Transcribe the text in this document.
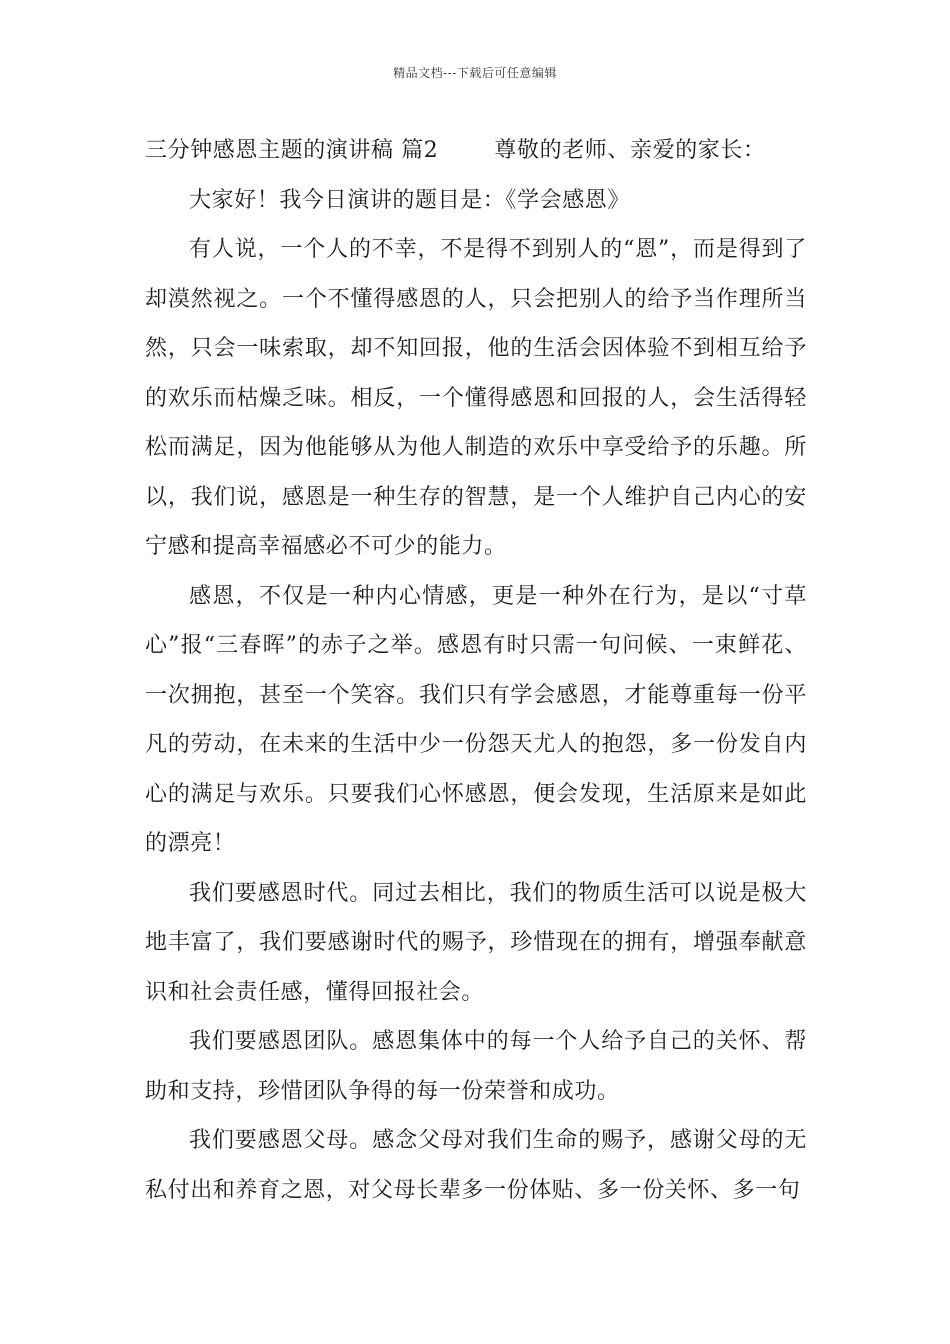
精品文档---下载后可任意编辑
三分钟感恩主题的演讲稿 篇2	尊敬的老师、亲爱的家长：

大家好！我今日演讲的题目是：《学会感恩》

有人说，一个人的不幸，不是得不到别人的“恩”，而是得到了却漠然视之。一个不懂得感恩的人，只会把别人的给予当作理所当然，只会一味索取，却不知回报，他的生活会因体验不到相互给予的欢乐而枯燥乏味。相反，一个懂得感恩和回报的人，会生活得轻松而满足，因为他能够从为他人制造的欢乐中享受给予的乐趣。所以，我们说，感恩是一种生存的智慧，是一个人维护自己内心的安宁感和提高幸福感必不可少的能力。

感恩，不仅是一种内心情感，更是一种外在行为，是以“寸草心”报“三春晖”的赤子之举。感恩有时只需一句问候、一束鲜花、一次拥抱，甚至一个笑容。我们只有学会感恩，才能尊重每一份平凡的劳动，在未来的生活中少一份怨天尤人的抱怨，多一份发自内心的满足与欢乐。只要我们心怀感恩，便会发现，生活原来是如此的漂亮！

我们要感恩时代。同过去相比，我们的物质生活可以说是极大地丰富了，我们要感谢时代的赐予，珍惜现在的拥有，增强奉献意识和社会责任感，懂得回报社会。

我们要感恩团队。感恩集体中的每一个人给予自己的关怀、帮助和支持，珍惜团队争得的每一份荣誉和成功。

我们要感恩父母。感念父母对我们生命的赐予，感谢父母的无私付出和养育之恩，对父母长辈多一份体贴、多一份关怀、多一句
